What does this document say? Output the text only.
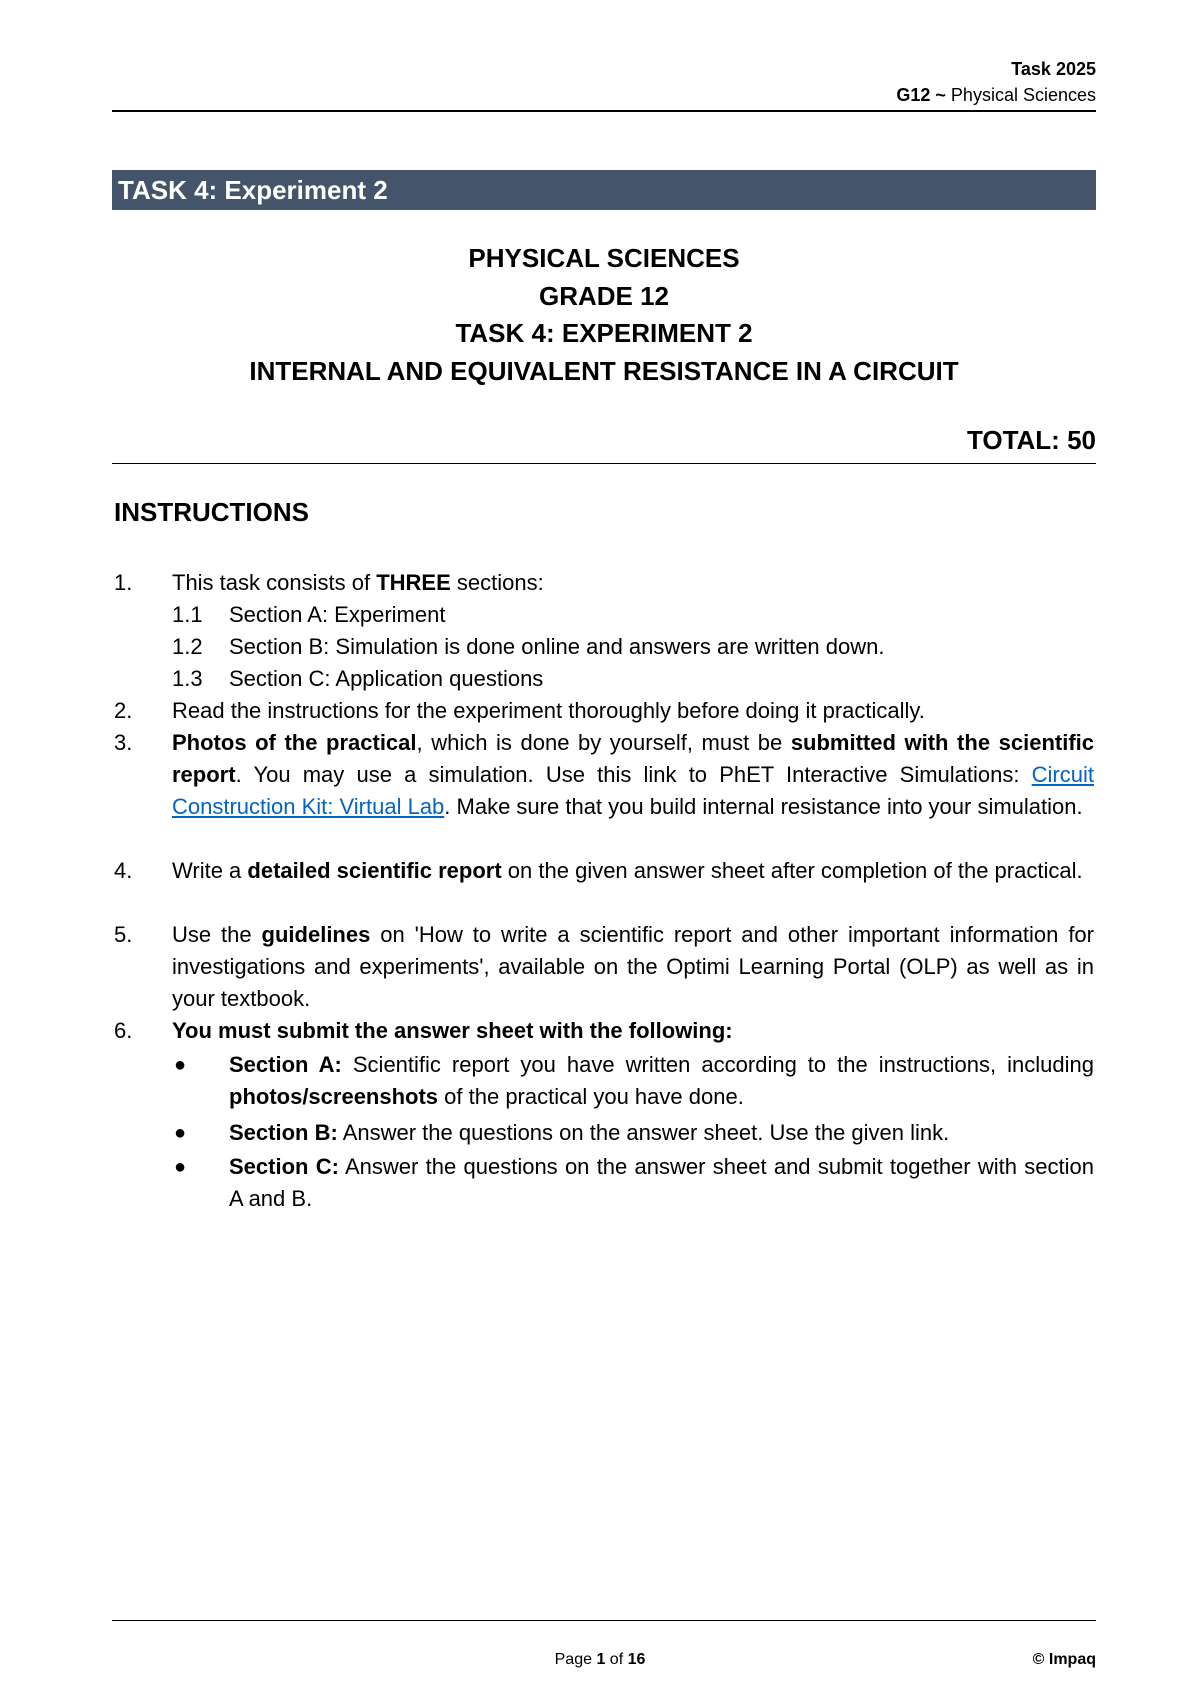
Task 2025
G12 ~ Physical Sciences
TASK 4: Experiment 2
PHYSICAL SCIENCES
GRADE 12
TASK 4: EXPERIMENT 2
INTERNAL AND EQUIVALENT RESISTANCE IN A CIRCUIT
TOTAL: 50
INSTRUCTIONS
1. This task consists of THREE sections:
1.1 Section A: Experiment
1.2 Section B: Simulation is done online and answers are written down.
1.3 Section C: Application questions
2. Read the instructions for the experiment thoroughly before doing it practically.
3. Photos of the practical, which is done by yourself, must be submitted with the scientific report. You may use a simulation. Use this link to PhET Interactive Simulations: Circuit Construction Kit: Virtual Lab. Make sure that you build internal resistance into your simulation.
4. Write a detailed scientific report on the given answer sheet after completion of the practical.
5. Use the guidelines on 'How to write a scientific report and other important information for investigations and experiments', available on the Optimi Learning Portal (OLP) as well as in your textbook.
6. You must submit the answer sheet with the following:
● Section A: Scientific report you have written according to the instructions, including photos/screenshots of the practical you have done.
● Section B: Answer the questions on the answer sheet. Use the given link.
● Section C: Answer the questions on the answer sheet and submit together with section A and B.
Page 1 of 16	© Impaq
